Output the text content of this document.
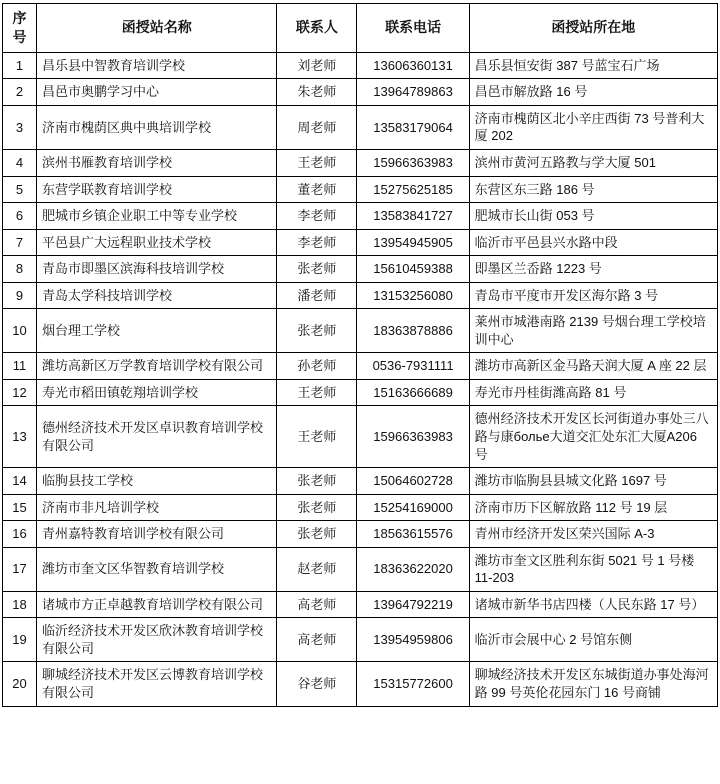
序
号	函授站名称	联系人	联系电话	函授站所在地
1	昌乐县中智教育培训学校	刘老师	13606360131	昌乐县恒安街 387 号蓝宝石广场
2	昌邑市奥鹏学习中心	朱老师	13964789863	昌邑市解放路 16 号
3	济南市槐荫区典中典培训学校	周老师	13583179064	济南市槐荫区北小辛庄西街 73 号普利大厦 202
4	滨州书雁教育培训学校	王老师	15966363983	滨州市黄河五路教与学大厦 501
5	东营学联教育培训学校	董老师	15275625185	东营区东三路 186 号
6	肥城市乡镇企业职工中等专业学校	李老师	13583841727	肥城市长山街 053 号
7	平邑县广大远程职业技术学校	李老师	13954945905	临沂市平邑县兴水路中段
8	青岛市即墨区滨海科技培训学校	张老师	15610459388	即墨区兰岙路 1223 号
9	青岛太学科技培训学校	潘老师	13153256080	青岛市平度市开发区海尔路 3 号
10	烟台理工学校	张老师	18363878886	莱州市城港南路 2139 号烟台理工学校培训中心
11	潍坊高新区万学教育培训学校有限公司	孙老师	0536-7931111	潍坊市高新区金马路天润大厦 A 座 22 层
12	寿光市稻田镇乾翔培训学校	王老师	15163666689	寿光市丹桂街潍高路 81 号
13	德州经济技术开发区卓识教育培训学校有限公司	王老师	15966363983	德州经济技术开发区长河街道办事处三八路与康болье大道交汇处东汇大厦A206 号
14	临朐县技工学校	张老师	15064602728	潍坊市临朐县县城文化路 1697 号
15	济南市非凡培训学校	张老师	15254169000	济南市历下区解放路 112 号 19 层
16	青州嘉特教育培训学校有限公司	张老师	18563615576	青州市经济开发区荣兴国际 A-3
17	潍坊市奎文区华智教育培训学校	赵老师	18363622020	潍坊市奎文区胜利东街 5021 号 1 号楼 11-203
18	诸城市方正卓越教育培训学校有限公司	高老师	13964792219	诸城市新华书店四楼（人民东路 17 号）
19	临沂经济技术开发区欣沐教育培训学校有限公司	高老师	13954959806	临沂市会展中心 2 号馆东侧
20	聊城经济技术开发区云博教育培训学校有限公司	谷老师	15315772600	聊城经济技术开发区东城街道办事处海河路 99 号英伦花园东门 16 号商铺
